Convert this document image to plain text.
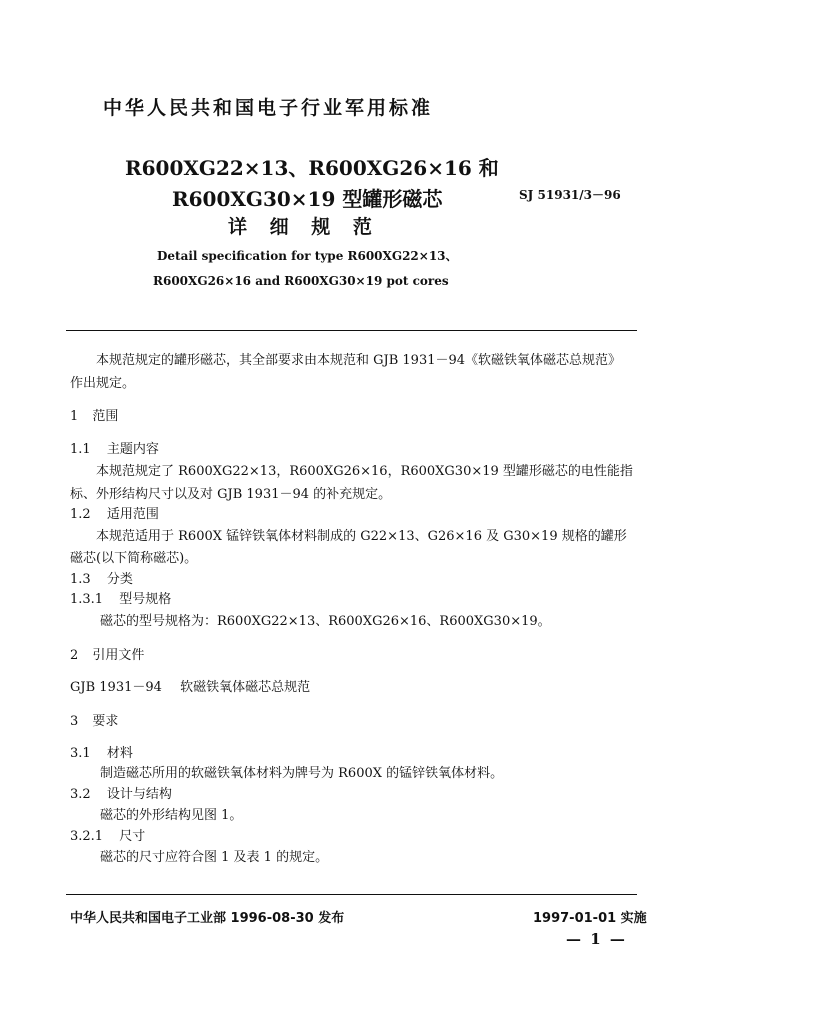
中华人民共和国电子行业军用标准
R600XG22×13、R600XG26×16 和
R600XG30×19 型罐形磁芯
详 细 规 范
SJ 51931/3－96
Detail specification for type R600XG22×13、
R600XG26×16 and R600XG30×19 pot cores
本规范规定的罐形磁芯，其全部要求由本规范和 GJB 1931－94《软磁铁氧体磁芯总规范》
作出规定。
1 范围
1.1 主题内容
本规范规定了 R600XG22×13，R600XG26×16，R600XG30×19 型罐形磁芯的电性能指
标、外形结构尺寸以及对 GJB 1931－94 的补充规定。
1.2 适用范围
本规范适用于 R600X 锰锌铁氧体材料制成的 G22×13、G26×16 及 G30×19 规格的罐形
磁芯(以下简称磁芯)。
1.3 分类
1.3.1 型号规格
磁芯的型号规格为：R600XG22×13、R600XG26×16、R600XG30×19。
2 引用文件
GJB 1931－94 软磁铁氧体磁芯总规范
3 要求
3.1 材料
制造磁芯所用的软磁铁氧体材料为牌号为 R600X 的锰锌铁氧体材料。
3.2 设计与结构
磁芯的外形结构见图 1。
3.2.1 尺寸
磁芯的尺寸应符合图 1 及表 1 的规定。
中华人民共和国电子工业部 1996-08-30 发布	1997-01-01 实施
— 1 —
